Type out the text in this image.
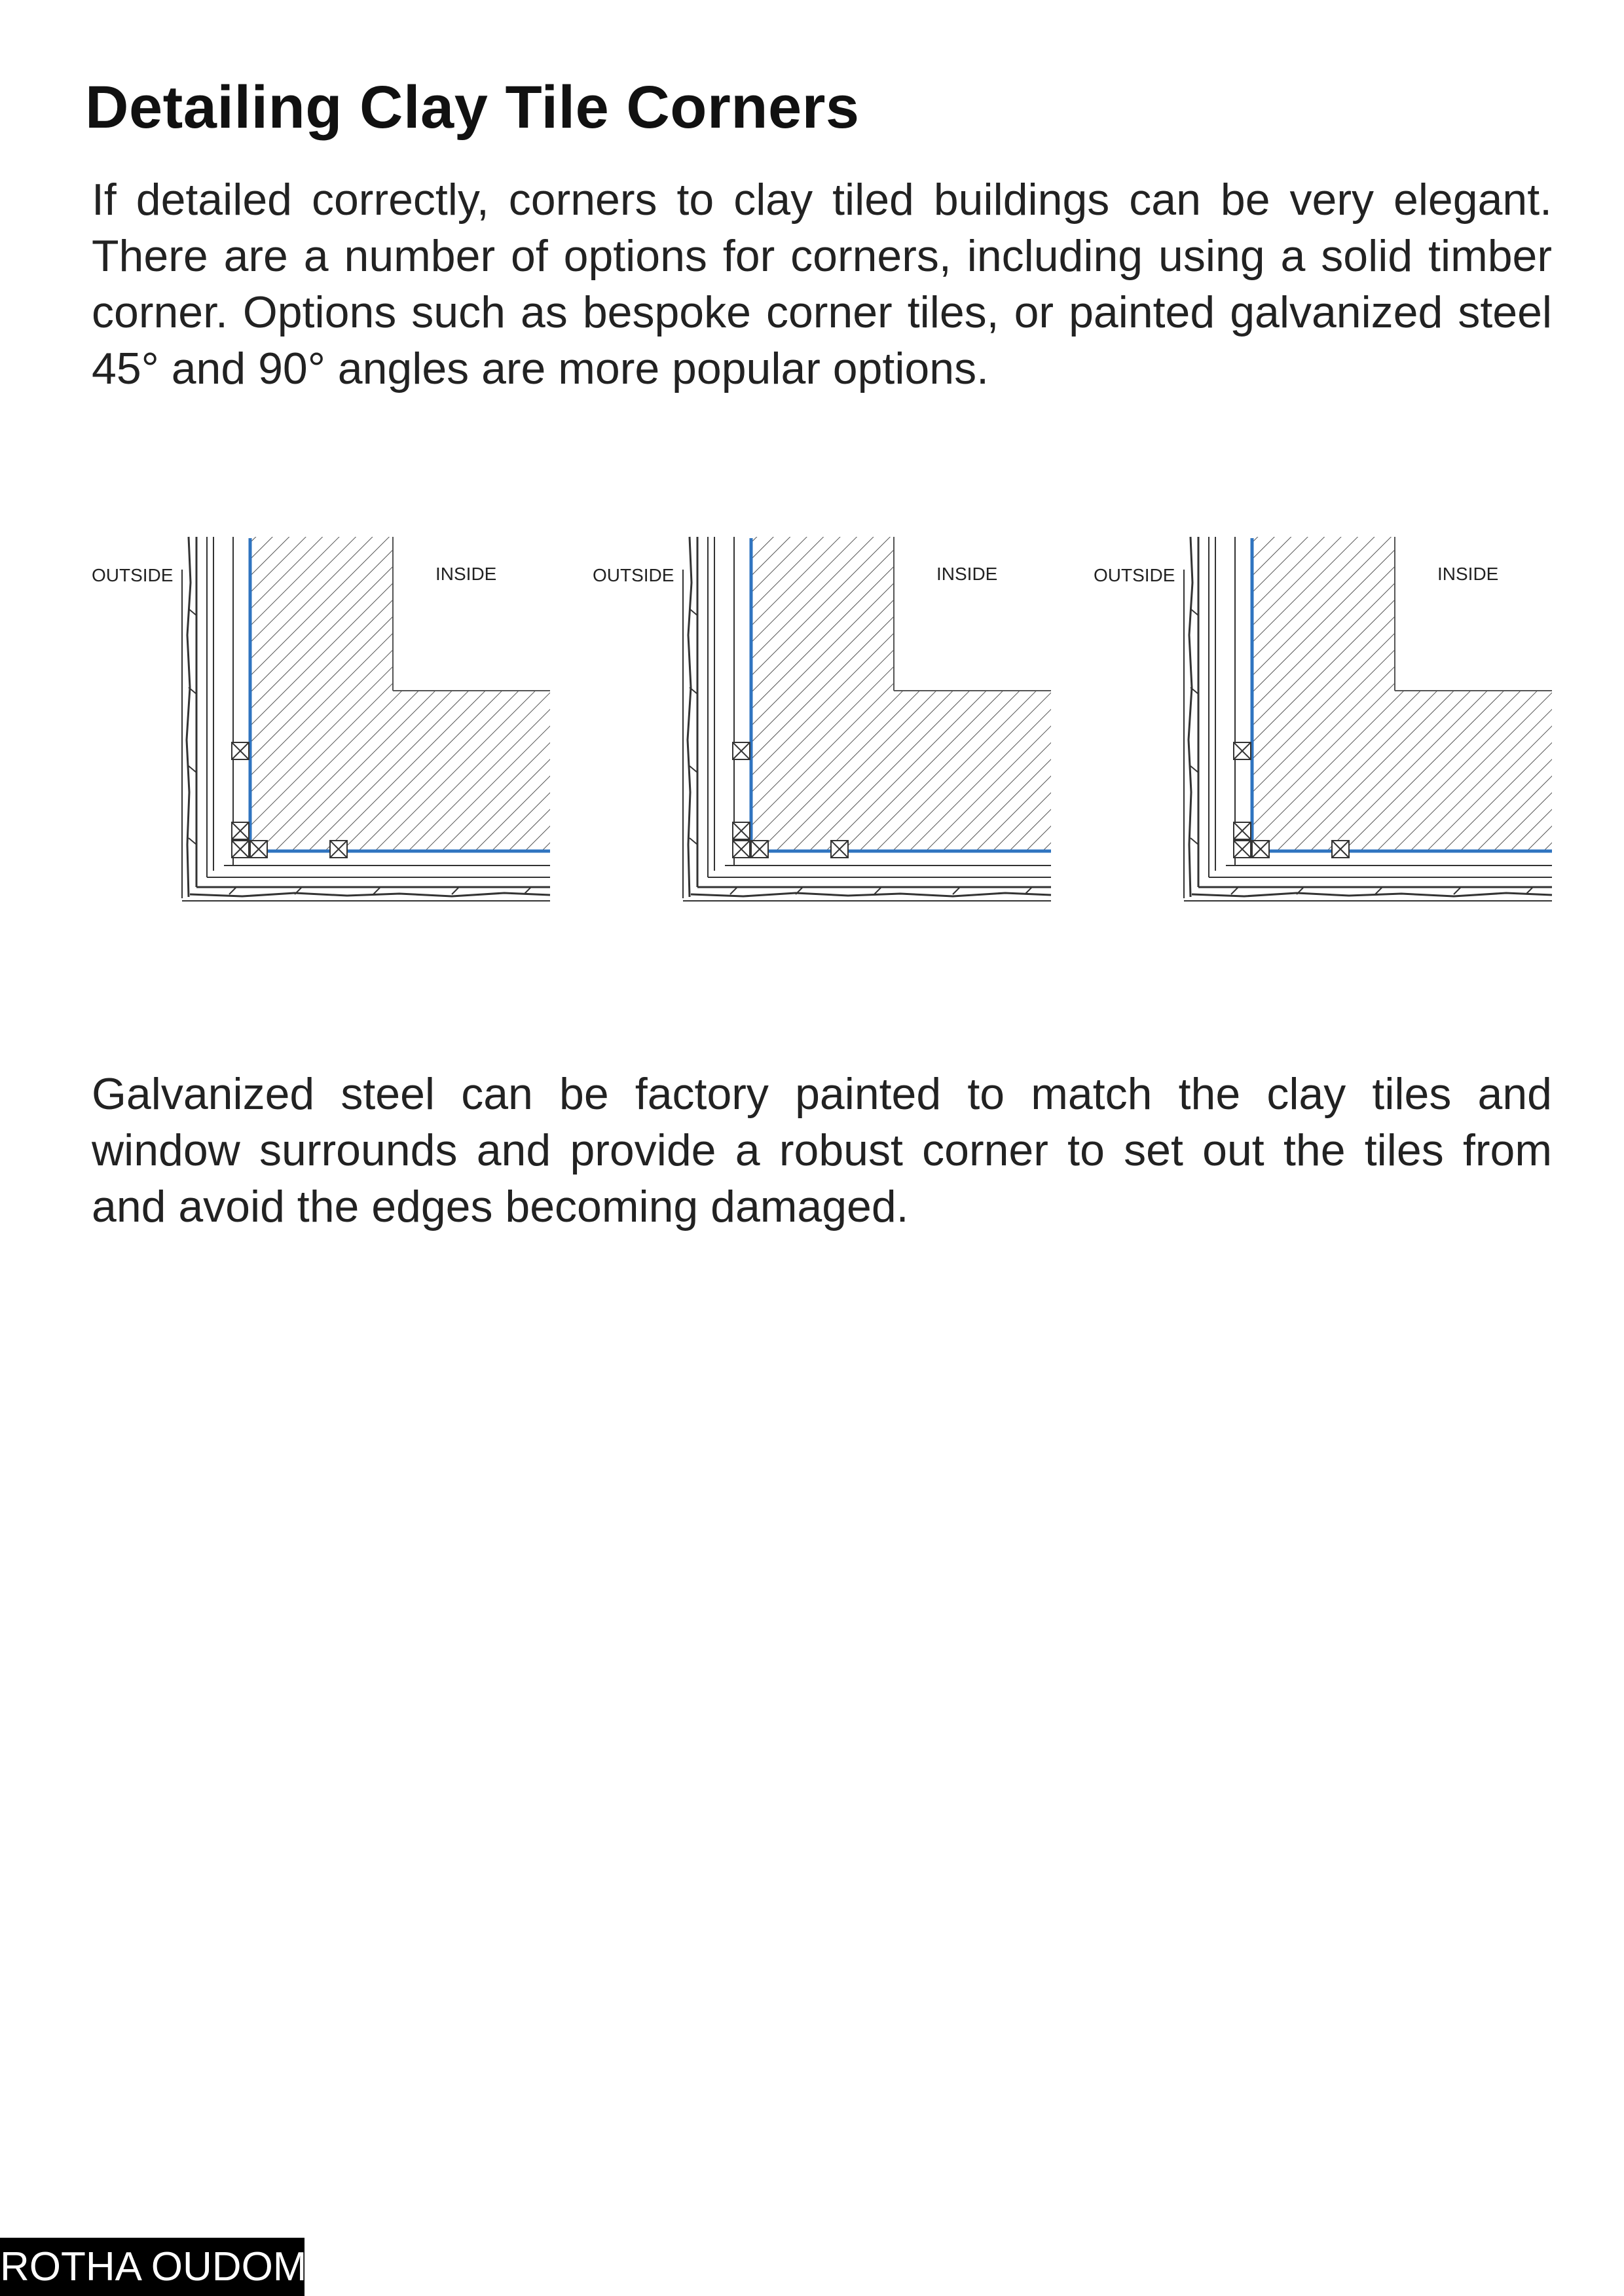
Detailing Clay Tile Corners

If detailed correctly, corners to clay tiled buildings can be very elegant. There are a number of options for corners, including using a solid timber corner. Options such as bespoke corner tiles, or painted galvanized steel 45° and 90° angles are more popular options.

OUTSIDE	INSIDE	OUTSIDE	INSIDE	OUTSIDE	INSIDE

Galvanized steel can be factory painted to match the clay tiles and window surrounds and provide a robust corner to set out the tiles from and avoid the edges becoming damaged.

ROTHA OUDOM
